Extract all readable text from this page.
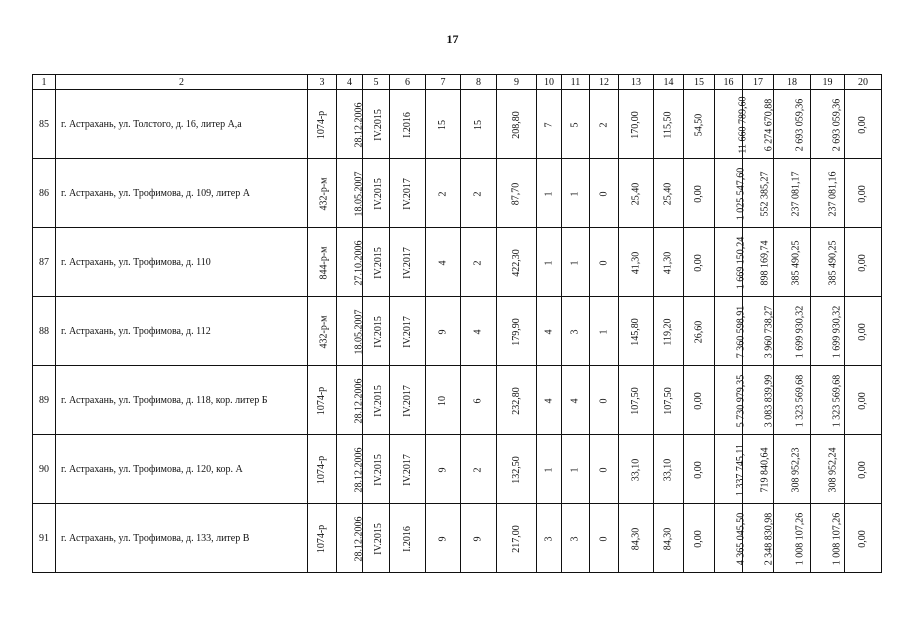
17
1	2	3	4	5	6	7	8	9	10	11	12	13	14	15	16	17	18	19	20
85	г. Астрахань, ул. Толстого, д. 16, литер А,а	1074-р	28.12.2006	IV.2015	I.2016	15	15	208,80	7	5	2	170,00	115,50	54,50	11 660 789,60	6 274 670,88	2 693 059,36	2 693 059,36	0,00
86	г. Астрахань, ул. Трофимова, д. 109, литер А	432-р-м	18.05.2007	IV.2015	IV.2017	2	2	87,70	1	1	0	25,40	25,40	0,00	1 025 547,60	552 385,27	237 081,17	237 081,16	0,00
87	г. Астрахань, ул. Трофимова, д. 110	844-р-м	27.10.2006	IV.2015	IV.2017	4	2	422,30	1	1	0	41,30	41,30	0,00	1 669 150,24	898 169,74	385 490,25	385 490,25	0,00
88	г. Астрахань, ул. Трофимова, д. 112	432-р-м	18.05.2007	IV.2015	IV.2017	9	4	179,90	4	3	1	145,80	119,20	26,60	7 360 598,91	3 960 738,27	1 699 930,32	1 699 930,32	0,00
89	г. Астрахань, ул. Трофимова, д. 118, кор. литер Б	1074-р	28.12.2006	IV.2015	IV.2017	10	6	232,80	4	4	0	107,50	107,50	0,00	5 730 979,35	3 083 839,99	1 323 569,68	1 323 569,68	0,00
90	г. Астрахань, ул. Трофимова, д. 120, кор. А	1074-р	28.12.2006	IV.2015	IV.2017	9	2	132,50	1	1	0	33,10	33,10	0,00	1 337 745,11	719 840,64	308 952,23	308 952,24	0,00
91	г. Астрахань, ул. Трофимова, д. 133, литер В	1074-р	28.12.2006	IV.2015	I.2016	9	9	217,00	3	3	0	84,30	84,30	0,00	4 365 045,50	2 348 830,98	1 008 107,26	1 008 107,26	0,00
